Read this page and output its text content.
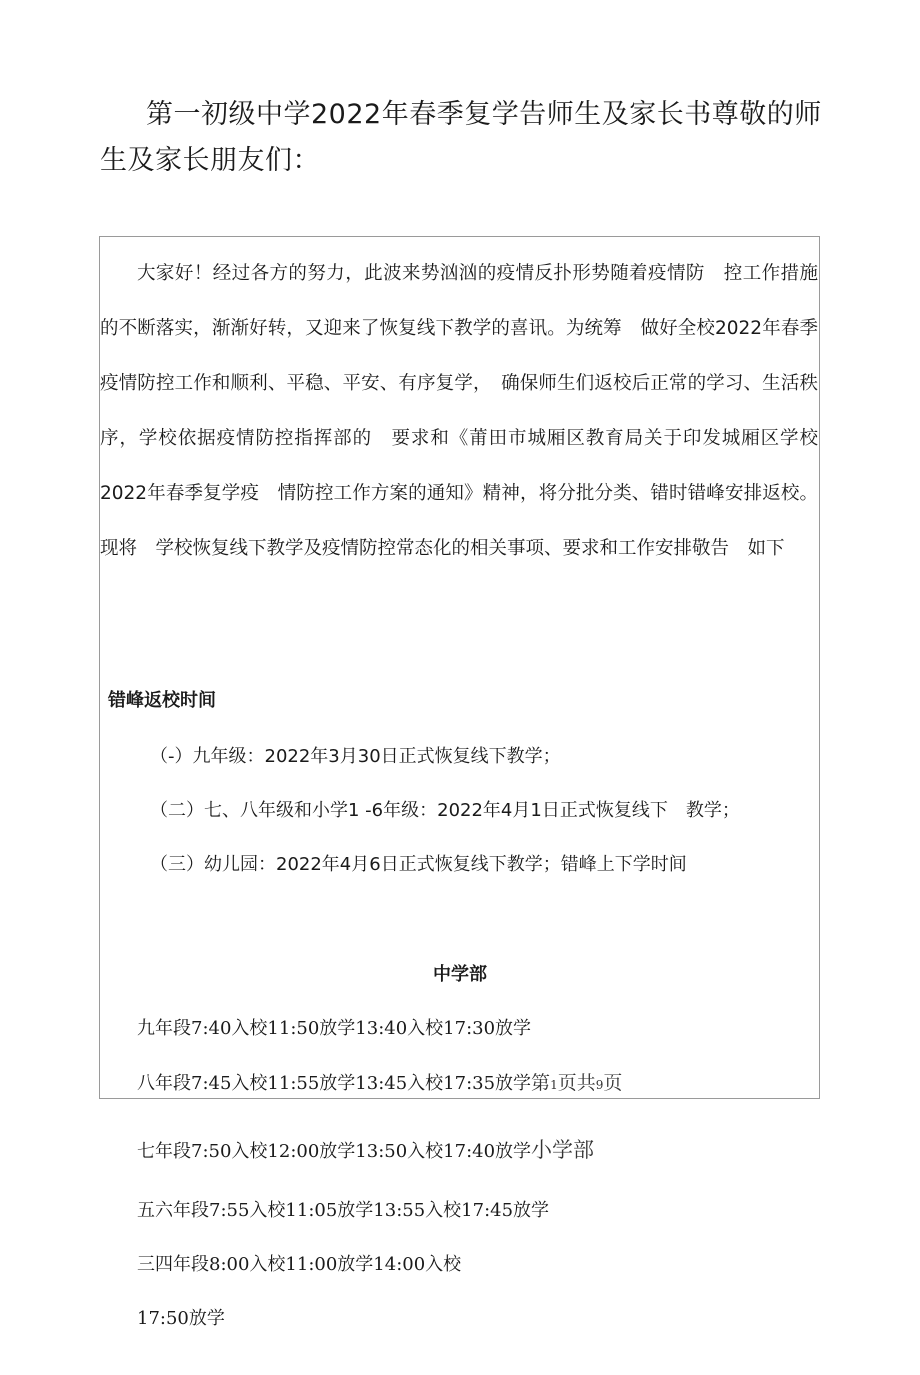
第一初级中学2022年春季复学告师生及家长书尊敬的师生及家长朋友们：
大家好！经过各方的努力，此波来势汹汹的疫情反扑形势随着疫情防　控工作措施的不断落实，渐渐好转，又迎来了恢复线下教学的喜讯。为统筹　做好全校2022年春季疫情防控工作和顺利、平稳、平安、有序复学，　确保师生们返校后正常的学习、生活秩序，学校依据疫情防控指挥部的　要求和《莆田市城厢区教育局关于印发城厢区学校2022年春季复学疫　情防控工作方案的通知》精神，将分批分类、错时错峰安排返校。现将　学校恢复线下教学及疫情防控常态化的相关事项、要求和工作安排敬告　如下
错峰返校时间
（-）九年级：2022年3月30日正式恢复线下教学；
（二）七、八年级和小学1 -6年级：2022年4月1日正式恢复线下　教学；
（三）幼儿园：2022年4月6日正式恢复线下教学；错峰上下学时间
中学部
九年段7:40入校11:50放学13:40入校17:30放学
八年段7:45入校11:55放学13:45入校17:35放学第1页共9页
七年段7:50入校12:00放学13:50入校17:40放学小学部
五六年段7:55入校11:05放学13:55入校17:45放学
三四年段8:00入校11:00放学14:00入校
17:50放学
